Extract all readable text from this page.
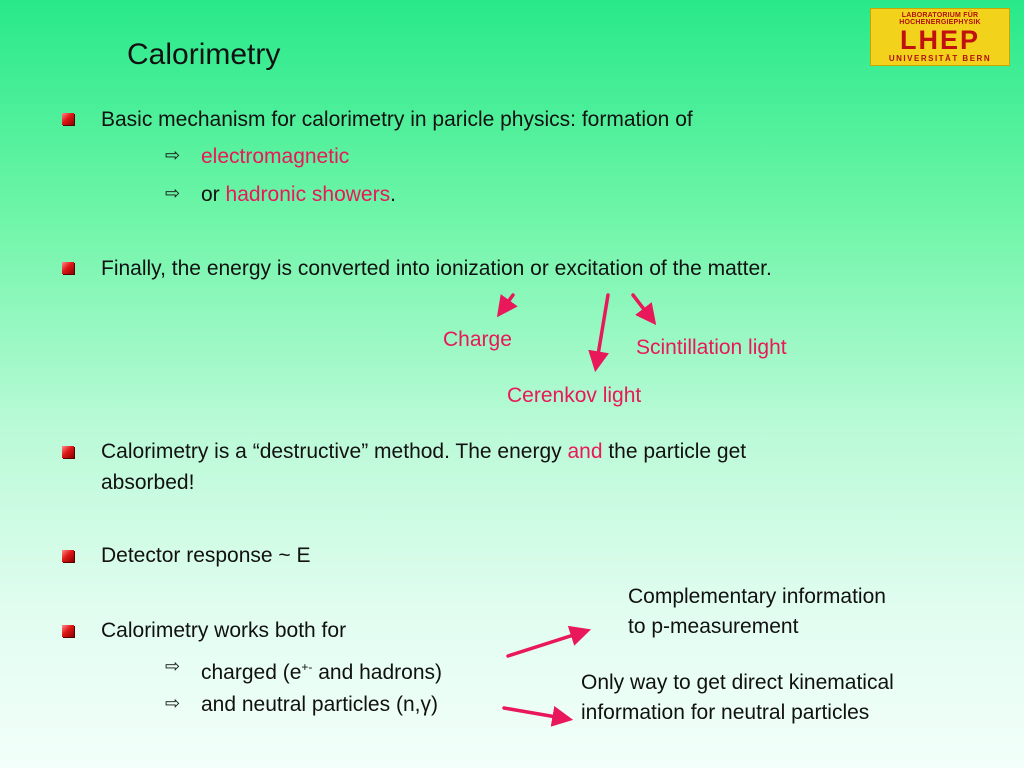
Calorimetry
LABORATORIUM FÜR HOCHENERGIEPHYSIK
LHEP
UNIVERSITÄT BERN
Basic mechanism for calorimetry in paricle physics: formation of
⇨ electromagnetic
⇨ or hadronic showers.
Finally, the energy is converted into ionization or excitation of the matter.
Charge	Scintillation light
Cerenkov light
Calorimetry is a “destructive” method. The energy and the particle get
absorbed!
Detector response ~ E
Calorimetry works both for
⇨ charged (e+- and hadrons)
⇨ and neutral particles (n,γ)
Complementary information
to p-measurement
Only way to get direct kinematical
information for neutral particles
